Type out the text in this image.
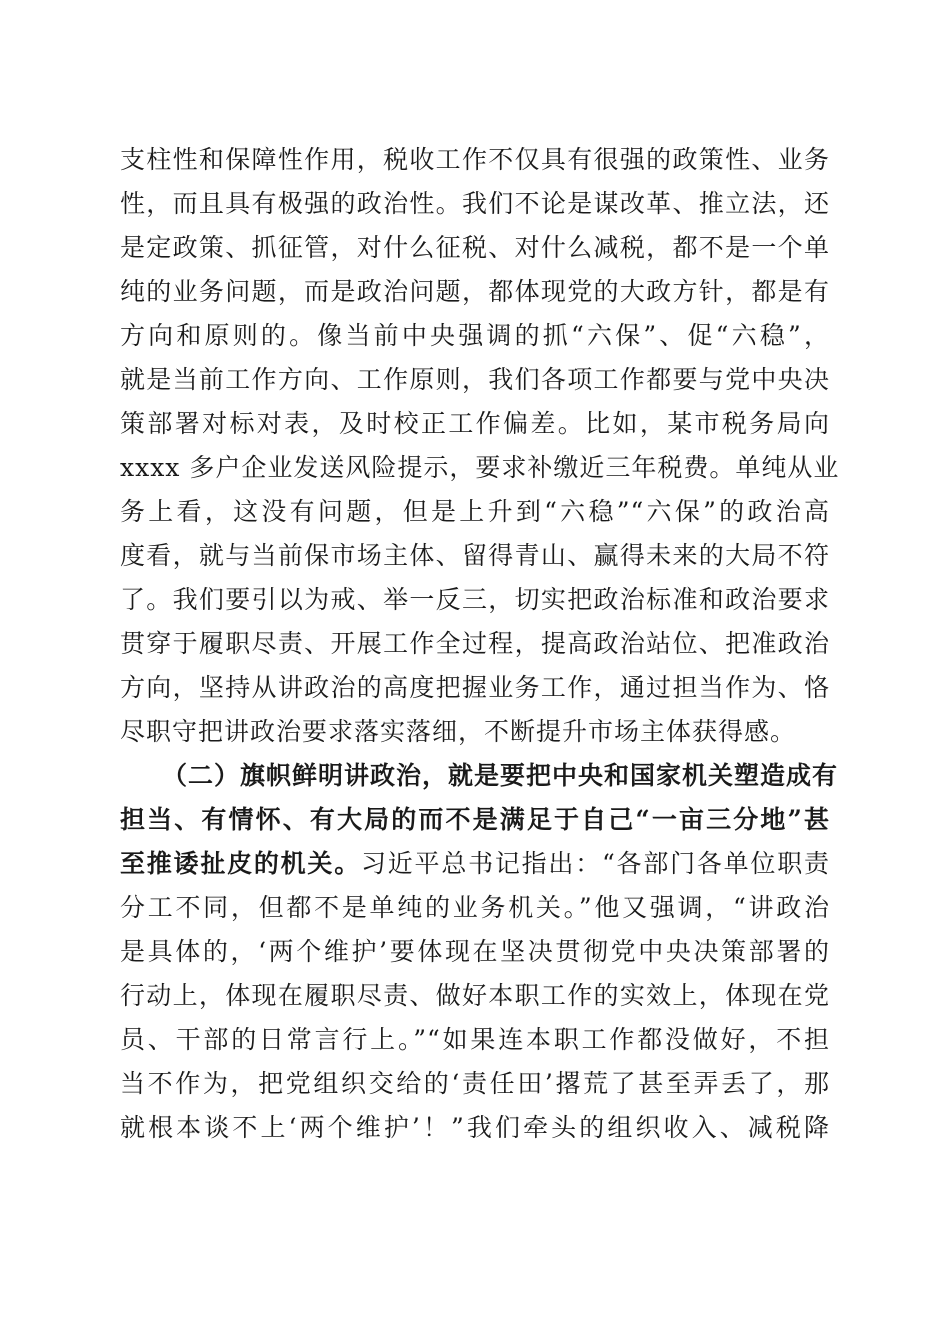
支柱性和保障性作用，税收工作不仅具有很强的政策性、业务
性，而且具有极强的政治性。我们不论是谋改革、推立法，还
是定政策、抓征管，对什么征税、对什么减税，都不是一个单
纯的业务问题，而是政治问题，都体现党的大政方针，都是有
方向和原则的。像当前中央强调的抓“六保”、促“六稳”，
就是当前工作方向、工作原则，我们各项工作都要与党中央决
策部署对标对表，及时校正工作偏差。比如，某市税务局向
xxxx 多户企业发送风险提示，要求补缴近三年税费。单纯从业
务上看，这没有问题，但是上升到“六稳”“六保”的政治高
度看，就与当前保市场主体、留得青山、赢得未来的大局不符
了。我们要引以为戒、举一反三，切实把政治标准和政治要求
贯穿于履职尽责、开展工作全过程，提高政治站位、把准政治
方向，坚持从讲政治的高度把握业务工作，通过担当作为、恪
尽职守把讲政治要求落实落细，不断提升市场主体获得感。
（二）旗帜鲜明讲政治，就是要把中央和国家机关塑造成有
担当、有情怀、有大局的而不是满足于自己“一亩三分地”甚
至推诿扯皮的机关。习近平总书记指出：“各部门各单位职责
分工不同，但都不是单纯的业务机关。”他又强调，“讲政治
是具体的，‘两个维护’要体现在坚决贯彻党中央决策部署的
行动上，体现在履职尽责、做好本职工作的实效上，体现在党
员、干部的日常言行上。”“如果连本职工作都没做好，不担
当不作为，把党组织交给的‘责任田’撂荒了甚至弄丢了，那
就根本谈不上‘两个维护’！”我们牵头的组织收入、减税降
